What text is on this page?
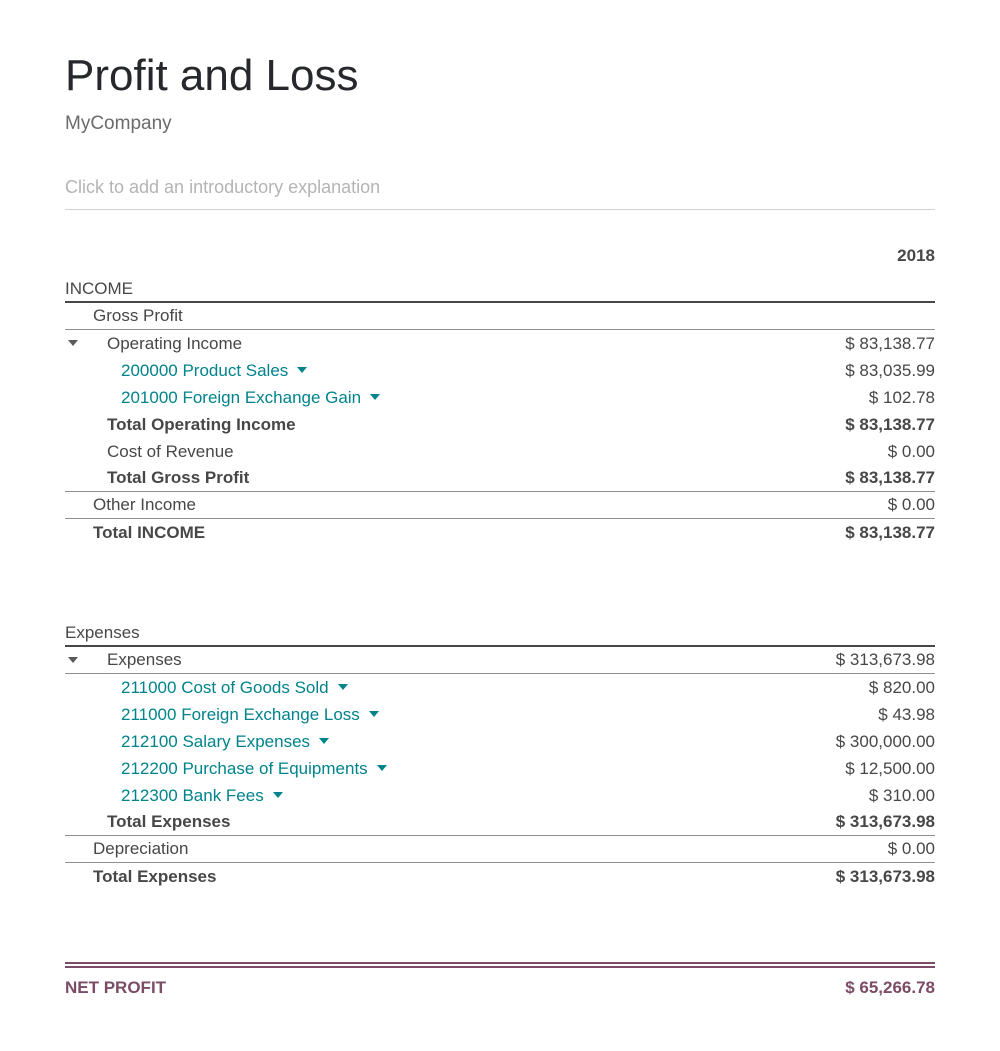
Profit and Loss
MyCompany
Click to add an introductory explanation
2018
INCOME
Gross Profit
Operating Income	$ 83,138.77
200000 Product Sales	$ 83,035.99
201000 Foreign Exchange Gain	$ 102.78
Total Operating Income	$ 83,138.77
Cost of Revenue	$ 0.00
Total Gross Profit	$ 83,138.77
Other Income	$ 0.00
Total INCOME	$ 83,138.77
Expenses
Expenses	$ 313,673.98
211000 Cost of Goods Sold	$ 820.00
211000 Foreign Exchange Loss	$ 43.98
212100 Salary Expenses	$ 300,000.00
212200 Purchase of Equipments	$ 12,500.00
212300 Bank Fees	$ 310.00
Total Expenses	$ 313,673.98
Depreciation	$ 0.00
Total Expenses	$ 313,673.98
NET PROFIT	$ 65,266.78
